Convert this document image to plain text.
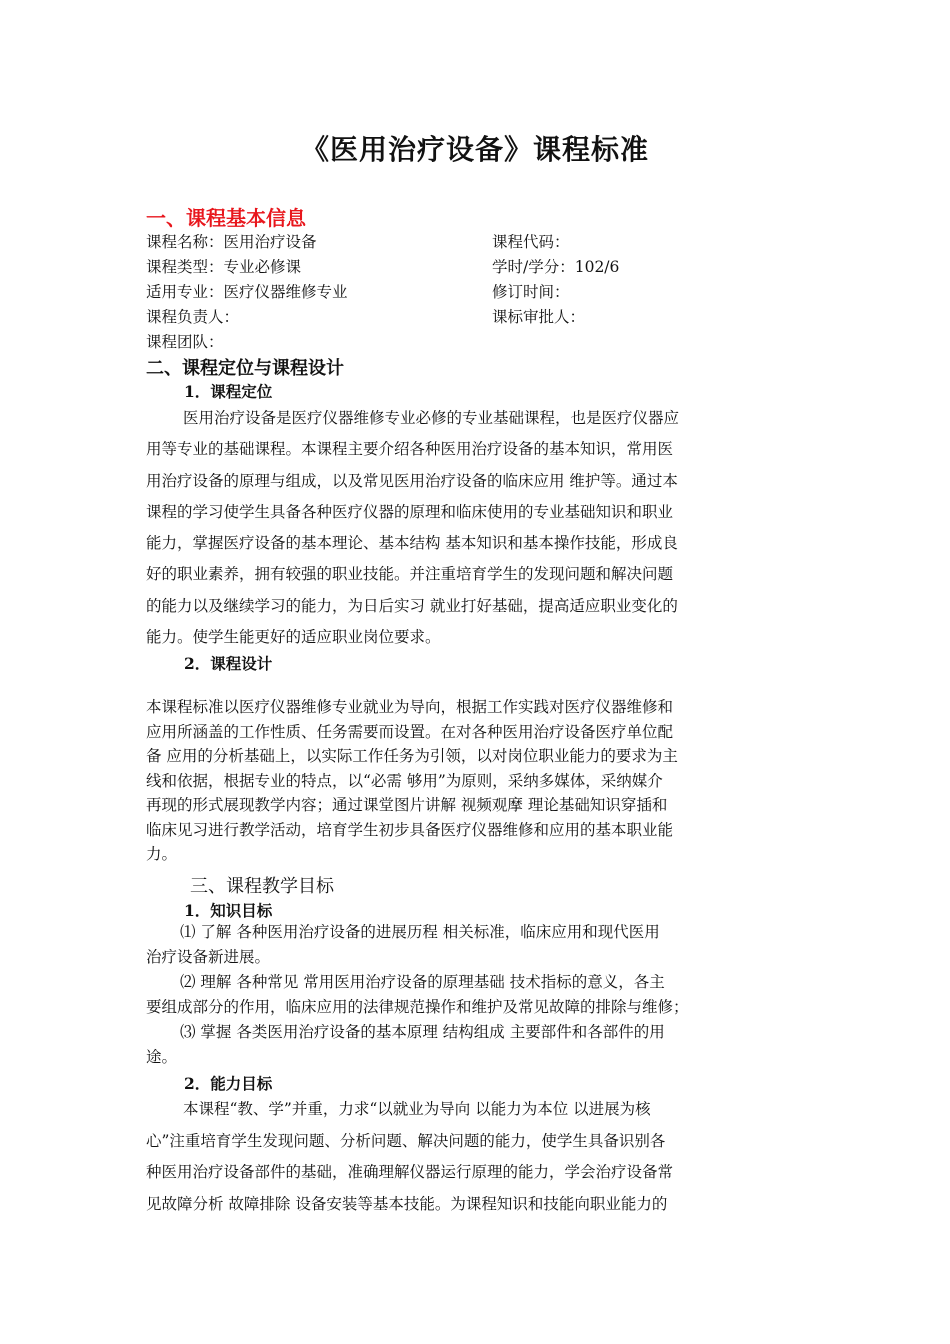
《医用治疗设备》课程标准
一、课程基本信息
课程名称：医用治疗设备	课程代码：
课程类型：专业必修课	学时/学分：102/6
适用专业：医疗仪器维修专业	修订时间：
课程负责人：	课标审批人：
课程团队：
二、课程定位与课程设计
1．课程定位
医用治疗设备是医疗仪器维修专业必修的专业基础课程，也是医疗仪器应
用等专业的基础课程。本课程主要介绍各种医用治疗设备的基本知识，常用医
用治疗设备的原理与组成，以及常见医用治疗设备的临床应用 维护等。通过本
课程的学习使学生具备各种医疗仪器的原理和临床使用的专业基础知识和职业
能力，掌握医疗设备的基本理论、基本结构 基本知识和基本操作技能，形成良
好的职业素养，拥有较强的职业技能。并注重培育学生的发现问题和解决问题
的能力以及继续学习的能力，为日后实习 就业打好基础，提高适应职业变化的
能力。使学生能更好的适应职业岗位要求。
2．课程设计
本课程标准以医疗仪器维修专业就业为导向，根据工作实践对医疗仪器维修和
应用所涵盖的工作性质、任务需要而设置。在对各种医用治疗设备医疗单位配
备 应用的分析基础上，以实际工作任务为引领，以对岗位职业能力的要求为主
线和依据，根据专业的特点，以“必需 够用”为原则，采纳多媒体，采纳媒介
再现的形式展现教学内容；通过课堂图片讲解 视频观摩 理论基础知识穿插和
临床见习进行教学活动，培育学生初步具备医疗仪器维修和应用的基本职业能
力。
三、课程教学目标
1．知识目标
⑴ 了解 各种医用治疗设备的进展历程 相关标准，临床应用和现代医用
治疗设备新进展。
⑵ 理解 各种常见 常用医用治疗设备的原理基础 技术指标的意义，各主
要组成部分的作用，临床应用的法律规范操作和维护及常见故障的排除与维修；
⑶ 掌握 各类医用治疗设备的基本原理 结构组成 主要部件和各部件的用
途。
2．能力目标
本课程“教、学”并重，力求“以就业为导向 以能力为本位 以进展为核
心”注重培育学生发现问题、分析问题、解决问题的能力，使学生具备识别各
种医用治疗设备部件的基础，准确理解仪器运行原理的能力，学会治疗设备常
见故障分析 故障排除 设备安装等基本技能。为课程知识和技能向职业能力的
